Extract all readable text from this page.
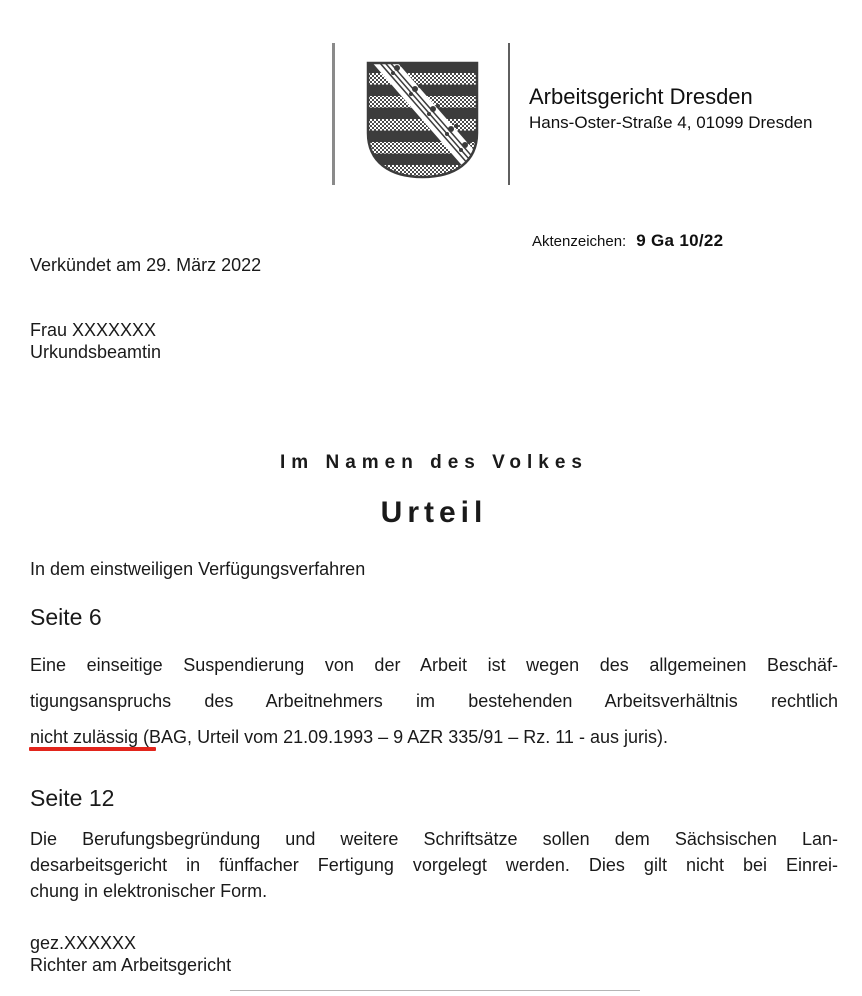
Arbeitsgericht Dresden
Hans-Oster-Straße 4, 01099 Dresden
Aktenzeichen: 9 Ga 10/22
Verkündet am 29. März 2022
Frau XXXXXXX
Urkundsbeamtin
Im Namen des Volkes
Urteil
In dem einstweiligen Verfügungsverfahren
Seite 6
Eine einseitige Suspendierung von der Arbeit ist wegen des allgemeinen Beschäf-
tigungsanspruchs des Arbeitnehmers im bestehenden Arbeitsverhältnis rechtlich
nicht zulässig (BAG, Urteil vom 21.09.1993 – 9 AZR 335/91 – Rz. 11 - aus juris).
Seite 12
Die Berufungsbegründung und weitere Schriftsätze sollen dem Sächsischen Lan-
desarbeitsgericht in fünffacher Fertigung vorgelegt werden. Dies gilt nicht bei Einrei-
chung in elektronischer Form.
gez.XXXXXX
Richter am Arbeitsgericht
